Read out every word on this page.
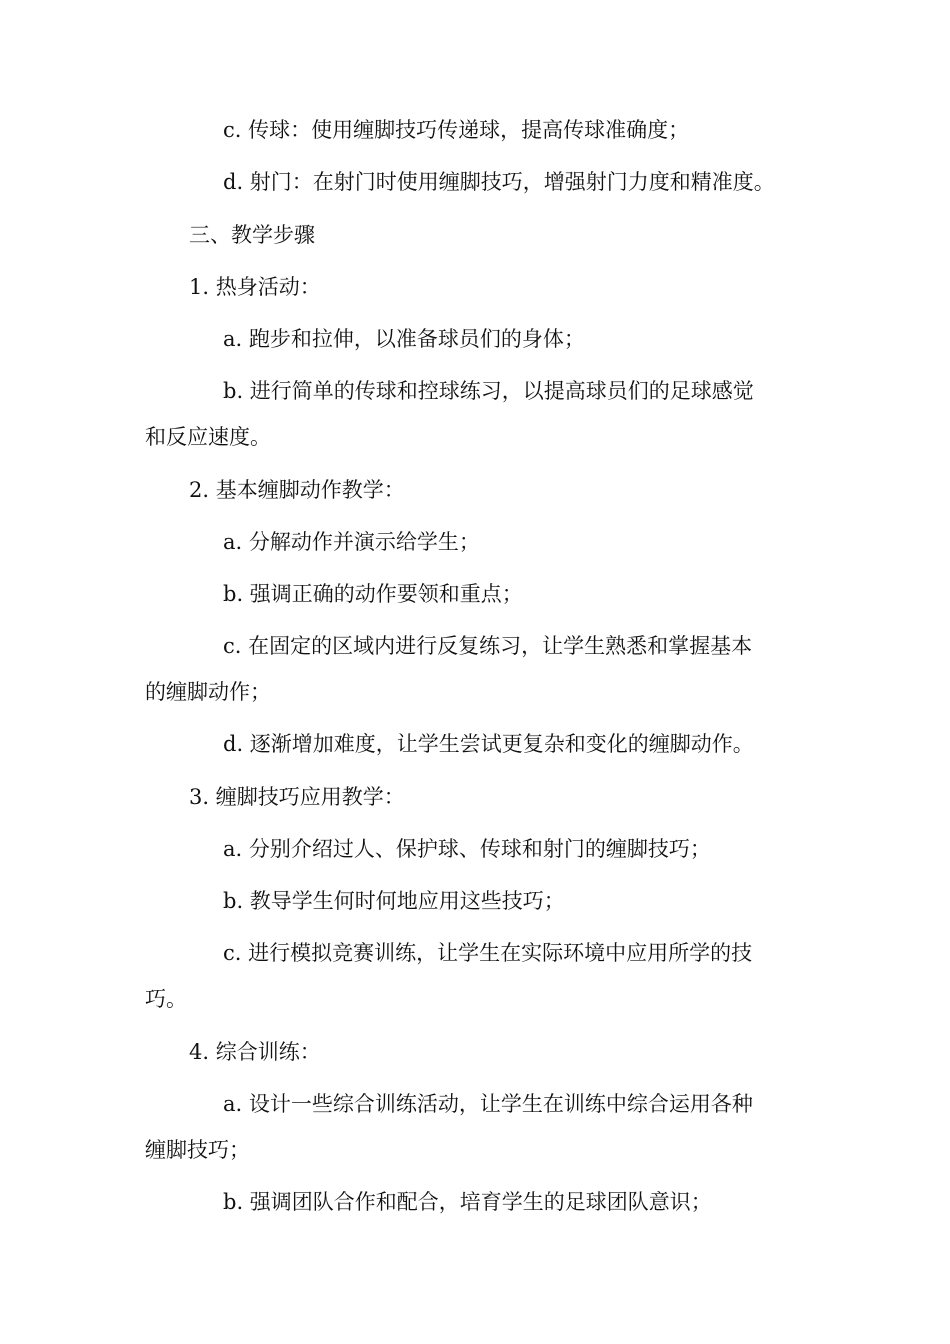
c. 传球：使用缠脚技巧传递球，提高传球准确度；
d. 射门：在射门时使用缠脚技巧，增强射门力度和精准度。
三、教学步骤
1. 热身活动：
a. 跑步和拉伸，以准备球员们的身体；
b. 进行简单的传球和控球练习，以提高球员们的足球感觉
和反应速度。
2. 基本缠脚动作教学：
a. 分解动作并演示给学生；
b. 强调正确的动作要领和重点；
c. 在固定的区域内进行反复练习，让学生熟悉和掌握基本
的缠脚动作；
d. 逐渐增加难度，让学生尝试更复杂和变化的缠脚动作。
3. 缠脚技巧应用教学：
a. 分别介绍过人、保护球、传球和射门的缠脚技巧；
b. 教导学生何时何地应用这些技巧；
c. 进行模拟竞赛训练，让学生在实际环境中应用所学的技
巧。
4. 综合训练：
a. 设计一些综合训练活动，让学生在训练中综合运用各种
缠脚技巧；
b. 强调团队合作和配合，培育学生的足球团队意识；
